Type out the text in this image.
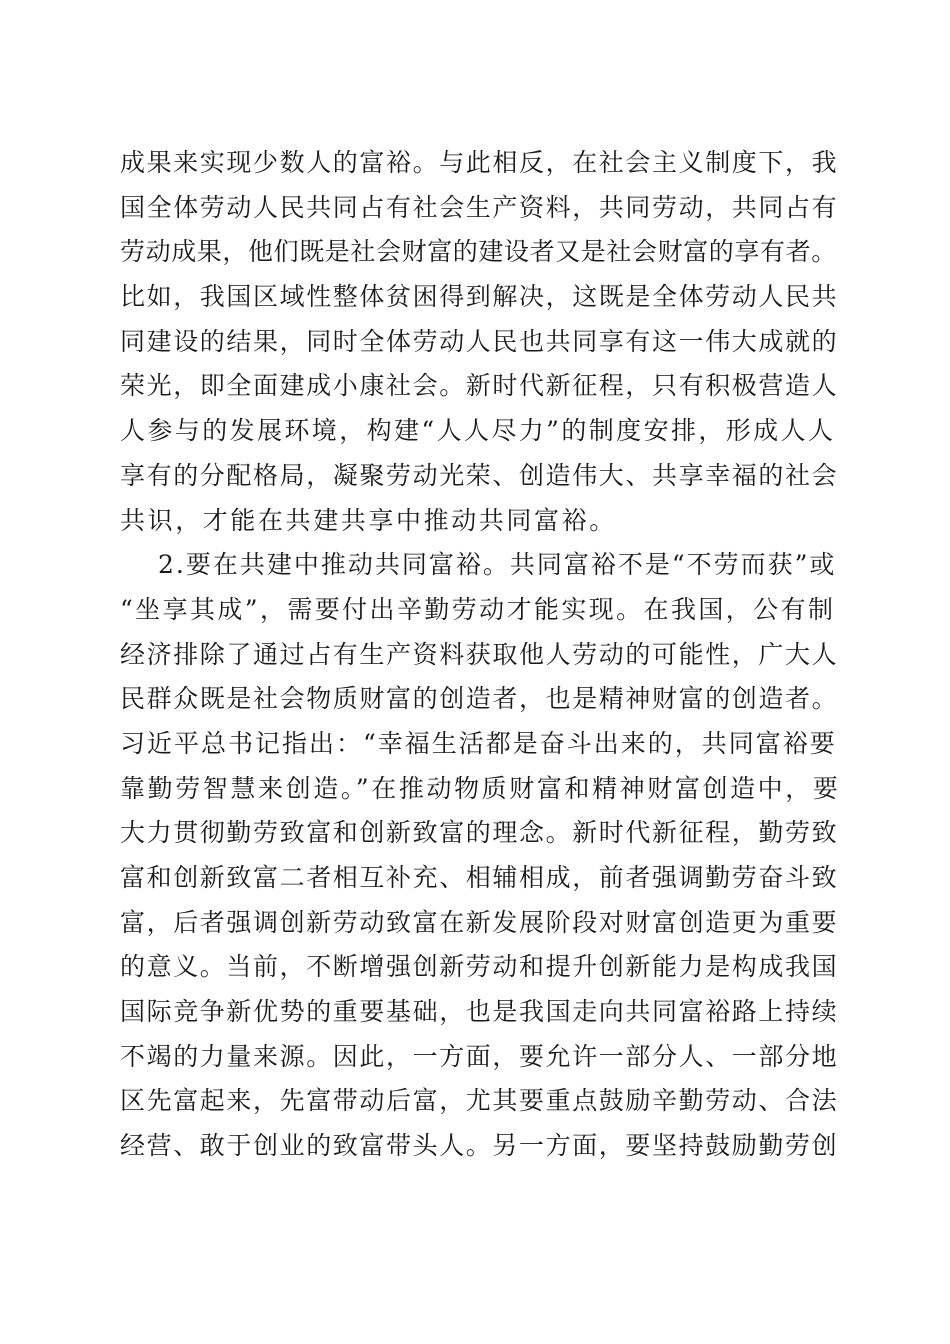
成果来实现少数人的富裕。与此相反，在社会主义制度下，我
国全体劳动人民共同占有社会生产资料，共同劳动，共同占有
劳动成果，他们既是社会财富的建设者又是社会财富的享有者。
比如，我国区域性整体贫困得到解决，这既是全体劳动人民共
同建设的结果，同时全体劳动人民也共同享有这一伟大成就的
荣光，即全面建成小康社会。新时代新征程，只有积极营造人
人参与的发展环境，构建“人人尽力”的制度安排，形成人人
享有的分配格局，凝聚劳动光荣、创造伟大、共享幸福的社会
共识，才能在共建共享中推动共同富裕。
2.要在共建中推动共同富裕。共同富裕不是“不劳而获”或
“坐享其成”，需要付出辛勤劳动才能实现。在我国，公有制
经济排除了通过占有生产资料获取他人劳动的可能性，广大人
民群众既是社会物质财富的创造者，也是精神财富的创造者。
习近平总书记指出：“幸福生活都是奋斗出来的，共同富裕要
靠勤劳智慧来创造。”在推动物质财富和精神财富创造中，要
大力贯彻勤劳致富和创新致富的理念。新时代新征程，勤劳致
富和创新致富二者相互补充、相辅相成，前者强调勤劳奋斗致
富，后者强调创新劳动致富在新发展阶段对财富创造更为重要
的意义。当前，不断增强创新劳动和提升创新能力是构成我国
国际竞争新优势的重要基础，也是我国走向共同富裕路上持续
不竭的力量来源。因此，一方面，要允许一部分人、一部分地
区先富起来，先富带动后富，尤其要重点鼓励辛勤劳动、合法
经营、敢于创业的致富带头人。另一方面，要坚持鼓励勤劳创
